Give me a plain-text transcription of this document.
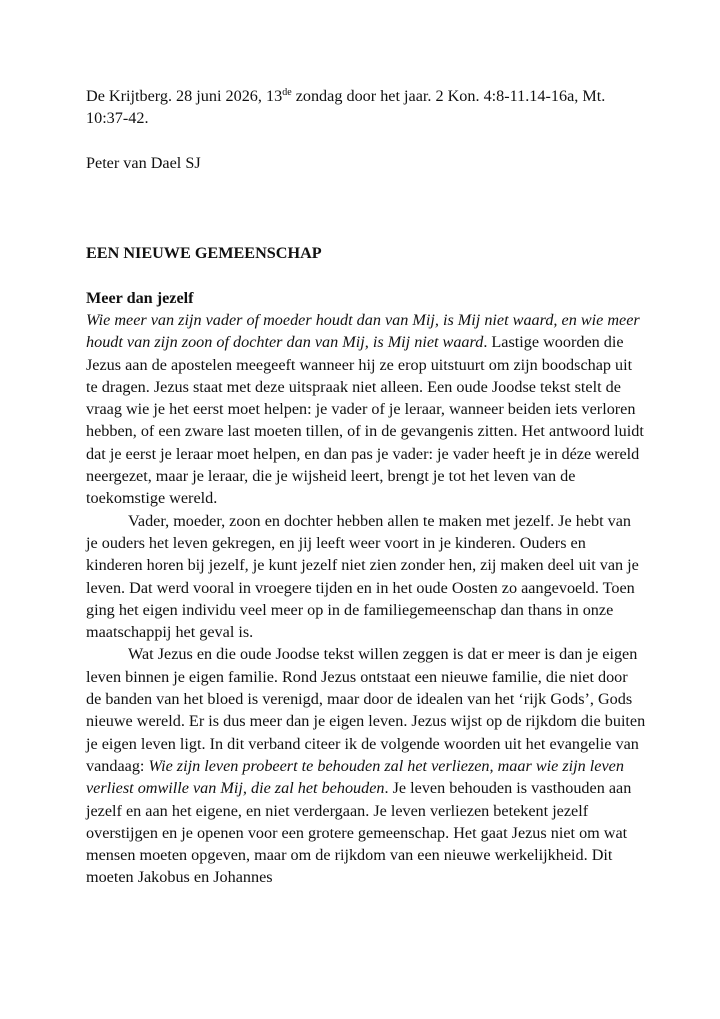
De Krijtberg. 28 juni 2026, 13de zondag door het jaar. 2 Kon. 4:8-11.14-16a, Mt. 10:37-42.

Peter van Dael SJ

EEN NIEUWE GEMEENSCHAP

Meer dan jezelf

Wie meer van zijn vader of moeder houdt dan van Mij, is Mij niet waard, en wie meer houdt van zijn zoon of dochter dan van Mij, is Mij niet waard. Lastige woorden die Jezus aan de apostelen meegeeft wanneer hij ze erop uitstuurt om zijn boodschap uit te dragen. Jezus staat met deze uitspraak niet alleen. Een oude Joodse tekst stelt de vraag wie je het eerst moet helpen: je vader of je leraar, wanneer beiden iets verloren hebben, of een zware last moeten tillen, of in de gevangenis zitten. Het antwoord luidt dat je eerst je leraar moet helpen, en dan pas je vader: je vader heeft je in déze wereld neergezet, maar je leraar, die je wijsheid leert, brengt je tot het leven van de toekomstige wereld.

Vader, moeder, zoon en dochter hebben allen te maken met jezelf. Je hebt van je ouders het leven gekregen, en jij leeft weer voort in je kinderen. Ouders en kinderen horen bij jezelf, je kunt jezelf niet zien zonder hen, zij maken deel uit van je leven. Dat werd vooral in vroegere tijden en in het oude Oosten zo aangevoeld. Toen ging het eigen individu veel meer op in de familiegemeenschap dan thans in onze maatschappij het geval is.

Wat Jezus en die oude Joodse tekst willen zeggen is dat er meer is dan je eigen leven binnen je eigen familie. Rond Jezus ontstaat een nieuwe familie, die niet door de banden van het bloed is verenigd, maar door de idealen van het ‘rijk Gods’, Gods nieuwe wereld. Er is dus meer dan je eigen leven. Jezus wijst op de rijkdom die buiten je eigen leven ligt. In dit verband citeer ik de volgende woorden uit het evangelie van vandaag: Wie zijn leven probeert te behouden zal het verliezen, maar wie zijn leven verliest omwille van Mij, die zal het behouden. Je leven behouden is vasthouden aan jezelf en aan het eigene, en niet verdergaan. Je leven verliezen betekent jezelf overstijgen en je openen voor een grotere gemeenschap. Het gaat Jezus niet om wat mensen moeten opgeven, maar om de rijkdom van een nieuwe werkelijkheid. Dit moeten Jakobus en Johannes
